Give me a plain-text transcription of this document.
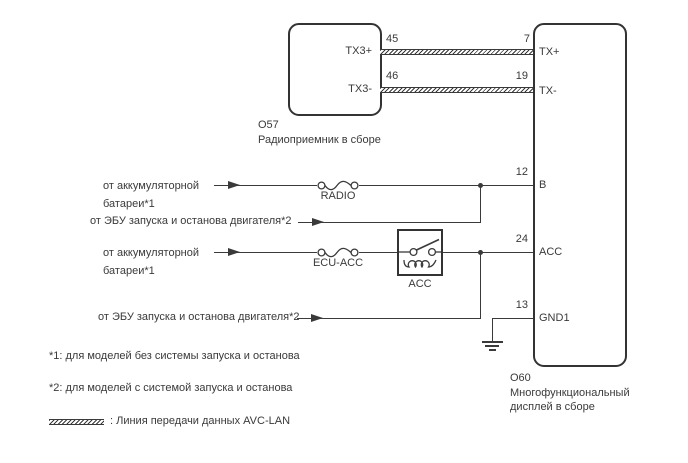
TX3+
TX3-
O57
Радиоприемник в сборе
TX+
TX-
B
ACC
GND1
O60
Многофункциональный
дисплей в сборе
45
46
7
19
12
24
13
RADIO
ECU-ACC
ACC
от аккумуляторной
батареи*1
от ЭБУ запуска и останова двигателя*2
от аккумуляторной
батареи*1
от ЭБУ запуска и останова двигателя*2
*1: для моделей без системы запуска и останова
*2: для моделей с системой запуска и останова
: Линия передачи данных AVC-LAN
